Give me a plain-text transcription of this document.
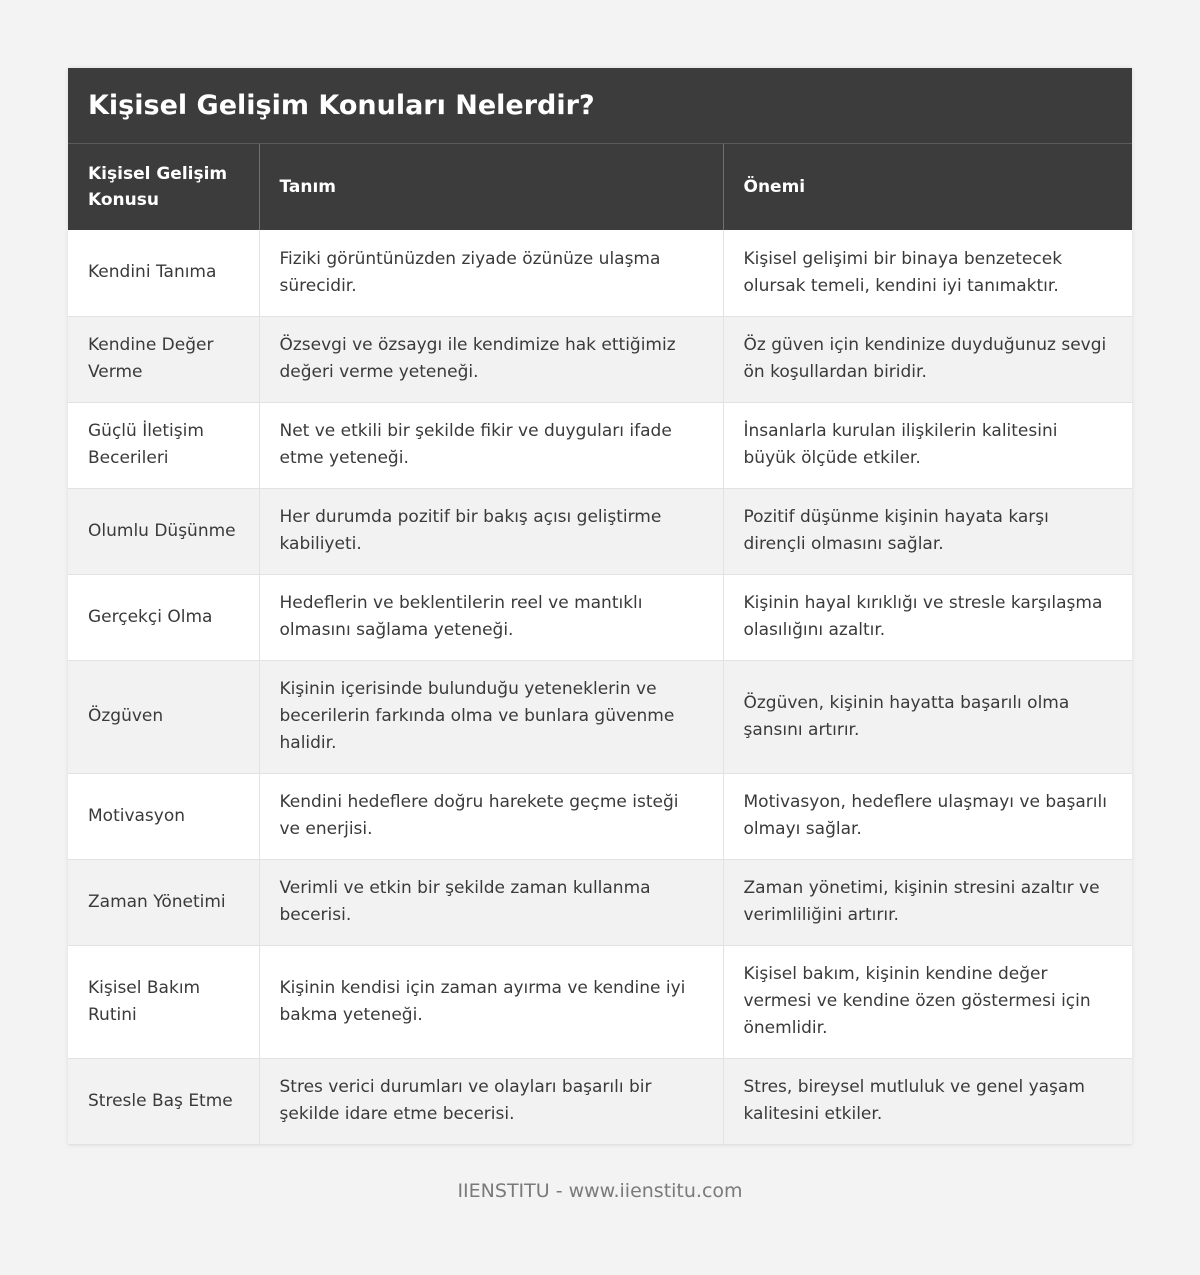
Kişisel Gelişim Konuları Nelerdir?
Kişisel Gelişim Konusu	Tanım	Önemi
Kendini Tanıma	Fiziki görüntünüzden ziyade özünüze ulaşma sürecidir.	Kişisel gelişimi bir binaya benzetecek olursak temeli, kendini iyi tanımaktır.
Kendine Değer Verme	Özsevgi ve özsaygı ile kendimize hak ettiğimiz değeri verme yeteneği.	Öz güven için kendinize duyduğunuz sevgi ön koşullardan biridir.
Güçlü İletişim Becerileri	Net ve etkili bir şekilde fikir ve duyguları ifade etme yeteneği.	İnsanlarla kurulan ilişkilerin kalitesini büyük ölçüde etkiler.
Olumlu Düşünme	Her durumda pozitif bir bakış açısı geliştirme kabiliyeti.	Pozitif düşünme kişinin hayata karşı dirençli olmasını sağlar.
Gerçekçi Olma	Hedeflerin ve beklentilerin reel ve mantıklı olmasını sağlama yeteneği.	Kişinin hayal kırıklığı ve stresle karşılaşma olasılığını azaltır.
Özgüven	Kişinin içerisinde bulunduğu yeteneklerin ve becerilerin farkında olma ve bunlara güvenme halidir.	Özgüven, kişinin hayatta başarılı olma şansını artırır.
Motivasyon	Kendini hedeflere doğru harekete geçme isteği ve enerjisi.	Motivasyon, hedeflere ulaşmayı ve başarılı olmayı sağlar.
Zaman Yönetimi	Verimli ve etkin bir şekilde zaman kullanma becerisi.	Zaman yönetimi, kişinin stresini azaltır ve verimliliğini artırır.
Kişisel Bakım Rutini	Kişinin kendisi için zaman ayırma ve kendine iyi bakma yeteneği.	Kişisel bakım, kişinin kendine değer vermesi ve kendine özen göstermesi için önemlidir.
Stresle Baş Etme	Stres verici durumları ve olayları başarılı bir şekilde idare etme becerisi.	Stres, bireysel mutluluk ve genel yaşam kalitesini etkiler.
IIENSTITU - www.iienstitu.com
